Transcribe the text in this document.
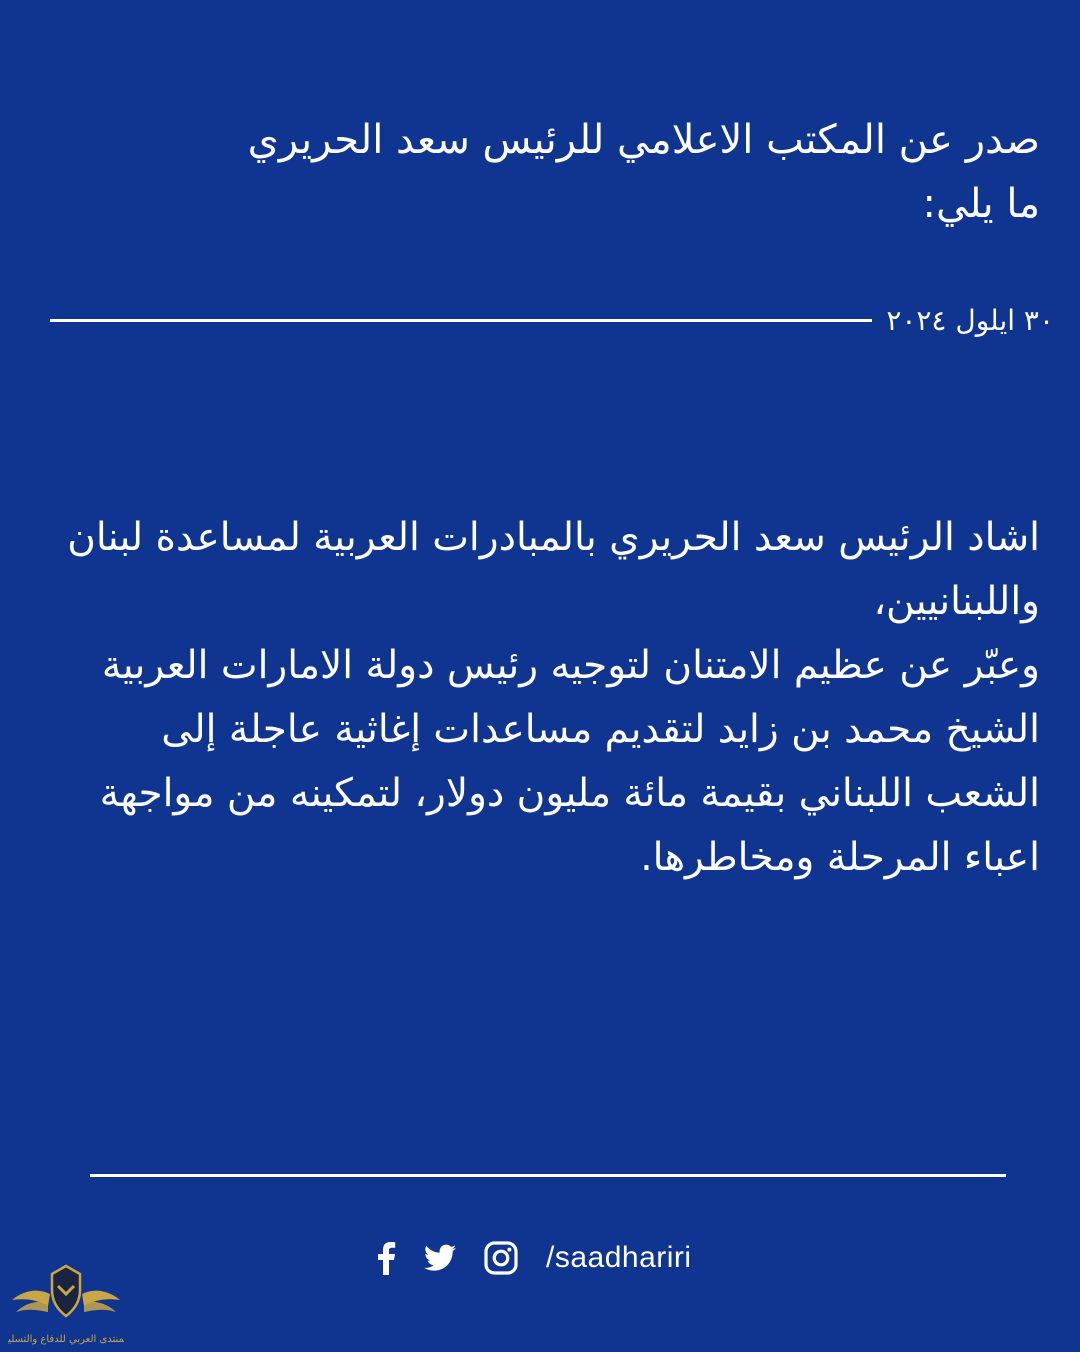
صدر عن المكتب الاعلامي للرئيس سعد الحريري
ما يلي:
٣٠ ايلول ٢٠٢٤

اشاد الرئيس سعد الحريري بالمبادرات العربية لمساعدة لبنان واللبنانيين،

وعبّر عن عظيم الامتنان لتوجيه رئيس دولة الامارات العربية الشيخ محمد بن زايد لتقديم مساعدات إغاثية عاجلة إلى الشعب اللبناني بقيمة مائة مليون دولار، لتمكينه من مواجهة اعباء المرحلة ومخاطرها.

/saadhariri
المنتدى العربي للدفاع والتسليح
